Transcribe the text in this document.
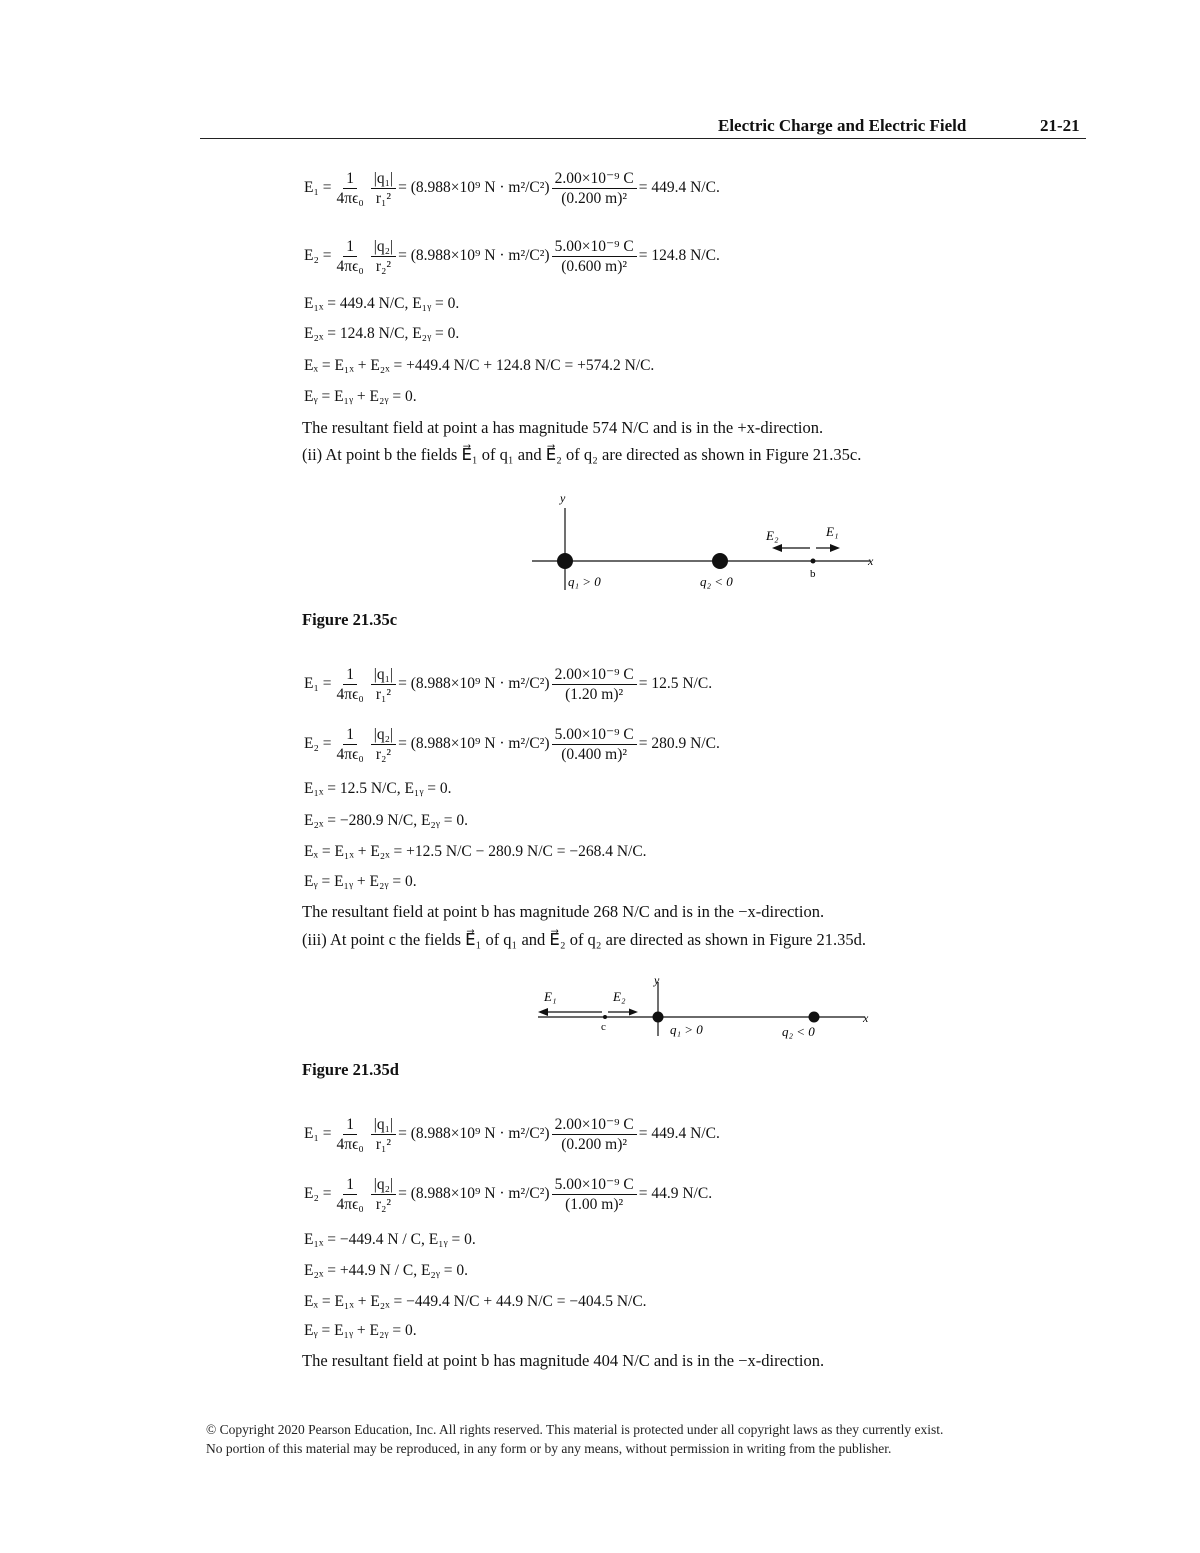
Electric Charge and Electric Field	21-21
$E_1 = \frac{1}{\text{4πϵ₀}} \frac{\text{|q₁|}}{\text{r₁²}} = (8.988\times 10^9$ $N \cdot m^2/C^2) \frac{\text{2.00×10⁻⁹ C}}{\text{(0.200 m)²}} = 449.4$ N/C.
$E_2 = \frac{1}{\text{4πϵ₀}} \frac{\text{|q₂|}}{\text{r₂²}} = (8.988\times 10^9$ $N \cdot m^2/C^2) \frac{\text{5.00×10⁻⁹ C}}{\text{(0.600 m)²}} = 124.8$ N/C.
E₁ₓ = 449.4 N/C, E₁ᵧ = 0.
E₂ₓ = 124.8 N/C, E₂ᵧ = 0.
Eₓ = E₁ₓ + E₂ₓ = +449.4 N/C + 124.8 N/C = +574.2 N/C.
Eᵧ = E₁ᵧ + E₂ᵧ = 0.
The resultant field at point a has magnitude 574 N/C and is in the +x-direction.
(ii) At point b the fields E⃗₁ of q₁ and E⃗₂ of q₂ are directed as shown in Figure 21.35c.
y
x
q₁ > 0	q₂ < 0	b
E₂	E₁
Figure 21.35c
$E_1 = \frac{1}{\text{4πϵ₀}} \frac{\text{|q₁|}}{\text{r₁²}} = (8.988\times 10^9$ $N \cdot m^2/C^2) \frac{\text{2.00×10⁻⁹ C}}{\text{(1.20 m)²}} = 12.5$ N/C.
$E_2 = \frac{1}{\text{4πϵ₀}} \frac{\text{|q₂|}}{\text{r₂²}} = (8.988\times 10^9$ $N \cdot m^2/C^2) \frac{\text{5.00×10⁻⁹ C}}{\text{(0.400 m)²}} = 280.9$ N/C.
E₁ₓ = 12.5 N/C, E₁ᵧ = 0.
E₂ₓ = −280.9 N/C, E₂ᵧ = 0.
Eₓ = E₁ₓ + E₂ₓ = +12.5 N/C − 280.9 N/C = −268.4 N/C.
Eᵧ = E₁ᵧ + E₂ᵧ = 0.
The resultant field at point b has magnitude 268 N/C and is in the −x-direction.
(iii) At point c the fields E⃗₁ of q₁ and E⃗₂ of q₂ are directed as shown in Figure 21.35d.
y
x
q₁ > 0	q₂ < 0
c
E₁	E₂
Figure 21.35d
$E_1 = \frac{1}{\text{4πϵ₀}} \frac{\text{|q₁|}}{\text{r₁²}} = (8.988\times 10^9$ $N \cdot m^2/C^2) \frac{\text{2.00×10⁻⁹ C}}{\text{(0.200 m)²}} = 449.4$ N/C.
$E_2 = \frac{1}{\text{4πϵ₀}} \frac{\text{|q₂|}}{\text{r₂²}} = (8.988\times 10^9$ $N \cdot m^2/C^2) \frac{\text{5.00×10⁻⁹ C}}{\text{(1.00 m)²}} = 44.9$ N/C.
E₁ₓ = −449.4 N / C, E₁ᵧ = 0.
E₂ₓ = +44.9 N / C, E₂ᵧ = 0.
Eₓ = E₁ₓ + E₂ₓ = −449.4 N/C + 44.9 N/C = −404.5 N/C.
Eᵧ = E₁ᵧ + E₂ᵧ = 0.
The resultant field at point b has magnitude 404 N/C and is in the −x-direction.
© Copyright 2020 Pearson Education, Inc. All rights reserved. This material is protected under all copyright laws as they currently exist.
No portion of this material may be reproduced, in any form or by any means, without permission in writing from the publisher.
